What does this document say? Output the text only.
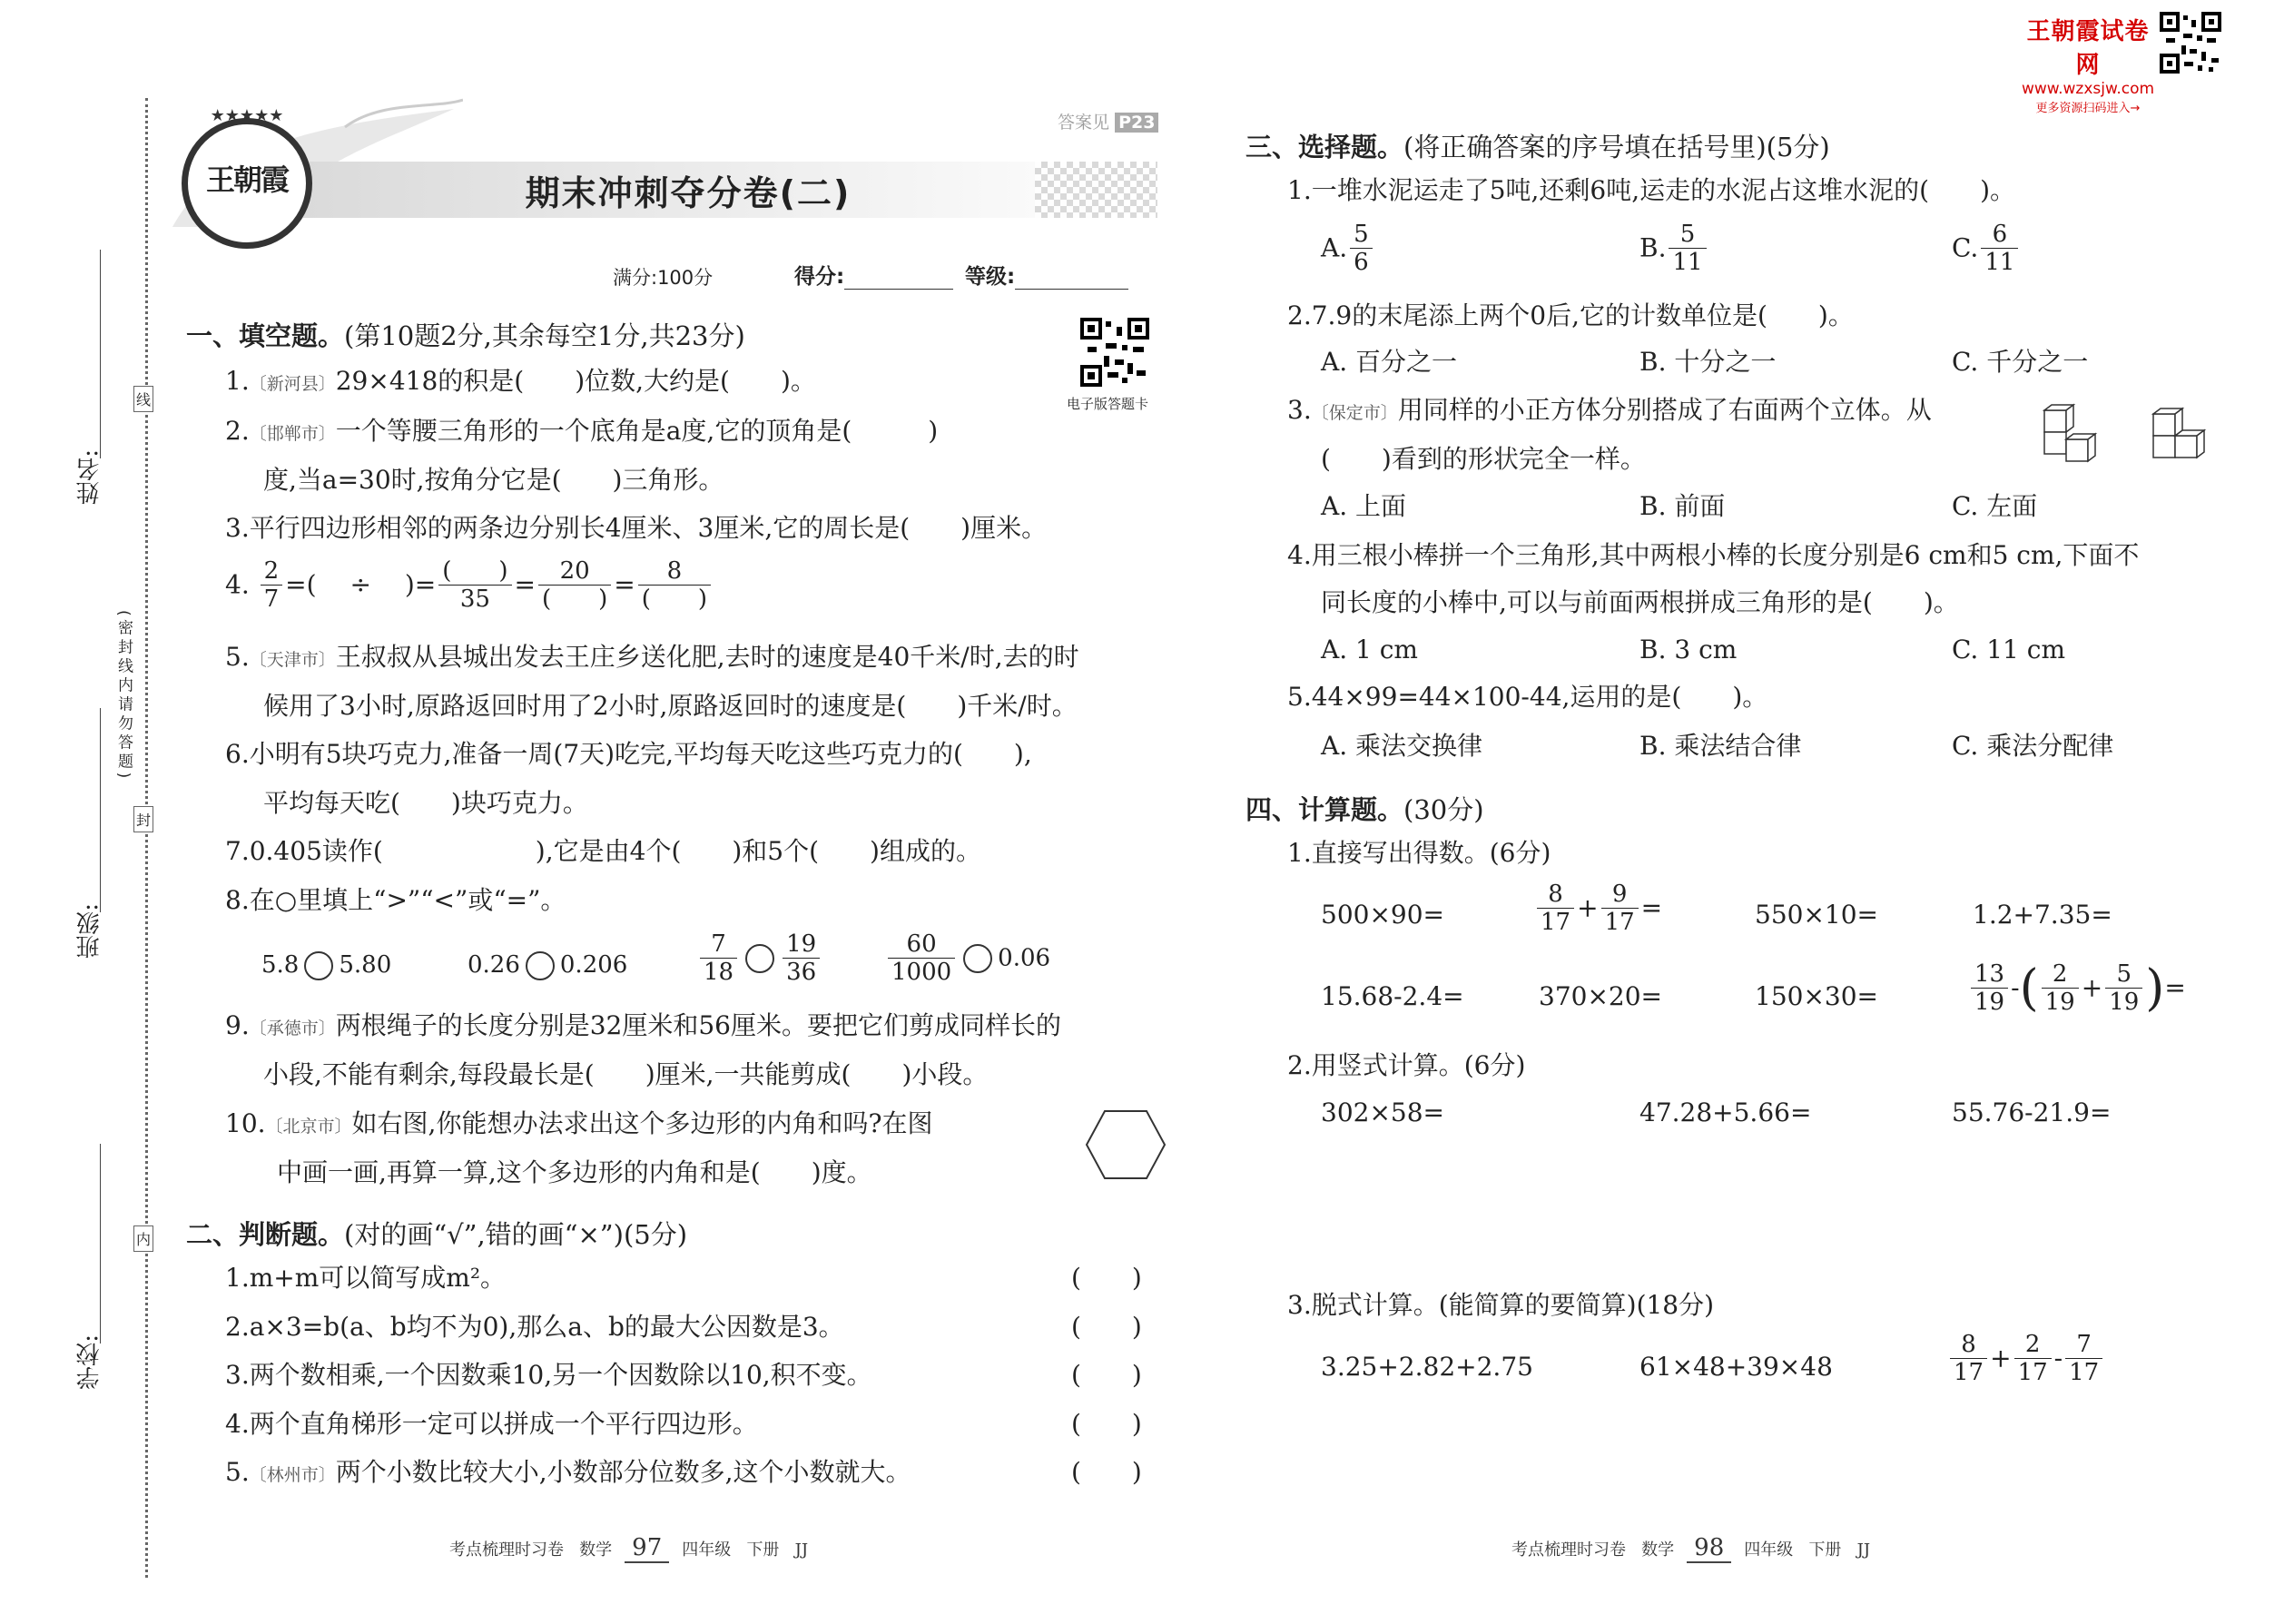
王朝霞试卷网
www.wzxsjw.com
更多资源扫码进入→
姓名:
班级:
学校:
线
封
内
(密封线内请勿答题)
★★★★★
王朝霞	期末冲刺夺分卷(二)
答案见 P23
满分:100分	得分:	等级:
电子版答题卡
一、填空题。(第10题2分,其余每空1分,共23分)
1.〔新河县〕29×418的积是(　　)位数,大约是(　　)。
2.〔邯郸市〕一个等腰三角形的一个底角是a度,它的顶角是(　　　)
度,当a=30时,按角分它是(　　)三角形。
3.平行四边形相邻的两条边分别长4厘米、3厘米,它的周长是(　　)厘米。
4. $\frac{2}{7}$ =(　 ÷　 )= $\frac{( )}{35} = \frac{20}{( )} = \frac{8}{( )}$
5.〔天津市〕王叔叔从县城出发去王庄乡送化肥,去时的速度是40千米/时,去的时
候用了3小时,原路返回时用了2小时,原路返回时的速度是(　　)千米/时。
6.小明有5块巧克力,准备一周(7天)吃完,平均每天吃这些巧克力的(　　),
平均每天吃(　　)块巧克力。
7.0.405读作(　　　　　　),它是由4个(　　)和5个(　　)组成的。
8.在○里填上“>”“<”或“=”。
5.8 5.80	0.26 0.206	$\frac{7}{18} \frac{19}{36}$	$\frac{60}{1000} 0.06$
9.〔承德市〕两根绳子的长度分别是32厘米和56厘米。要把它们剪成同样长的
小段,不能有剩余,每段最长是(　　)厘米,一共能剪成(　　)小段。
10.〔北京市〕如右图,你能想办法求出这个多边形的内角和吗?在图
中画一画,再算一算,这个多边形的内角和是(　　)度。
二、判断题。(对的画“√”,错的画“×”)(5分)
1.m+m可以简写成m²。	(　　)
2.a×3=b(a、b均不为0),那么a、b的最大公因数是3。	(　　)
3.两个数相乘,一个因数乘10,另一个因数除以10,积不变。	(　　)
4.两个直角梯形一定可以拼成一个平行四边形。	(　　)
5.〔林州市〕两个小数比较大小,小数部分位数多,这个小数就大。	(　　)
三、选择题。(将正确答案的序号填在括号里)(5分)
1.一堆水泥运走了5吨,还剩6吨,运走的水泥占这堆水泥的(　　)。
A. $\frac{5}{6}$	B. $\frac{5}{11}$	C. $\frac{6}{11}$
2.7.9的末尾添上两个0后,它的计数单位是(　　)。
A. 百分之一	B. 十分之一	C. 千分之一
3.〔保定市〕用同样的小正方体分别搭成了右面两个立体。从
(　　)看到的形状完全一样。
A. 上面	B. 前面	C. 左面
4.用三根小棒拼一个三角形,其中两根小棒的长度分别是6 cm和5 cm,下面不
同长度的小棒中,可以与前面两根拼成三角形的是(　　)。
A. 1 cm	B. 3 cm	C. 11 cm
5.44×99=44×100-44,运用的是(　　)。
A. 乘法交换律	B. 乘法结合律	C. 乘法分配律
四、计算题。(30分)
1.直接写出得数。(6分)
500×90=	$\frac{8}{17} + \frac{9}{17}$ =	550×10=	1.2+7.35=
15.68-2.4=	370×20=	150×30=	$\frac{13}{19}$ -( $\frac{2}{19} + \frac{5}{19}$ )=
2.用竖式计算。(6分)
302×58=	47.28+5.66=	55.76-21.9=
3.脱式计算。(能简算的要简算)(18分)
3.25+2.82+2.75	61×48+39×48	$\frac{8}{17} + \frac{2}{17} - \frac{7}{17}$
考点梳理时习卷 数学 97 四年级 下册 JJ	考点梳理时习卷 数学 98 四年级 下册 JJ
